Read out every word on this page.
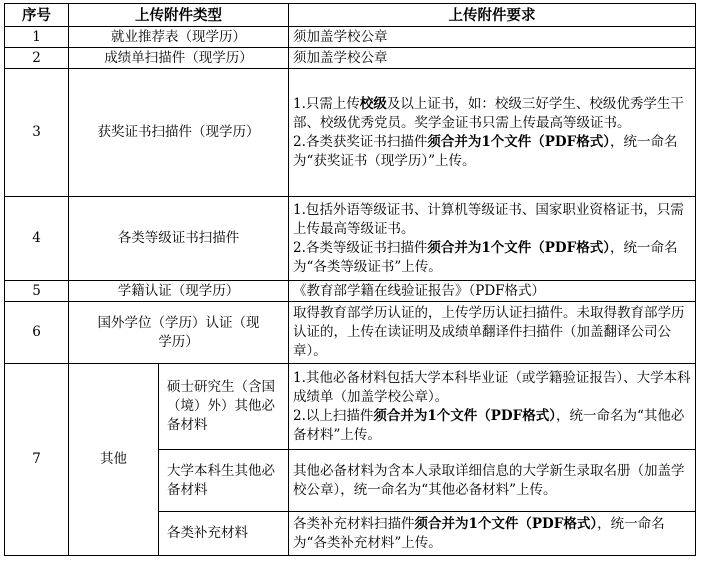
序号	上传附件类型		上传附件要求
1	就业推荐表（现学历）		须加盖学校公章
2	成绩单扫描件（现学历）		须加盖学校公章
3	获奖证书扫描件（现学历）		1.只需上传校级及以上证书，如：校级三好学生、校级优秀学生干部、校级优秀党员。奖学金证书只需上传最高等级证书。
2.各类获奖证书扫描件须合并为1个文件（PDF格式），统一命名为“获奖证书（现学历）”上传。

4	各类等级证书扫描件		1.包括外语等级证书、计算机等级证书、国家职业资格证书，只需上传最高等级证书。
2.各类等级证书扫描件须合并为1个文件（PDF格式），统一命名为“各类等级证书”上传。

5	学籍认证（现学历）		《教育部学籍在线验证报告》（PDF格式）
6	国外学位（学历）认证（现学历）		取得教育部学历认证的，上传学历认证扫描件。未取得教育部学历认证的，上传在读证明及成绩单翻译件扫描件（加盖翻译公司公章）。
7	其他	硕士研究生（含国（境）外）其他必备材料	1.其他必备材料包括大学本科毕业证（或学籍验证报告）、大学本科成绩单（加盖学校公章）。
2.以上扫描件须合并为1个文件（PDF格式），统一命名为“其他必备材料”上传。

		大学本科生其他必备材料	其他必备材料为含本人录取详细信息的大学新生录取名册（加盖学校公章），统一命名为“其他必备材料”上传。
		各类补充材料	各类补充材料扫描件须合并为1个文件（PDF格式），统一命名为“各类补充材料”上传。
